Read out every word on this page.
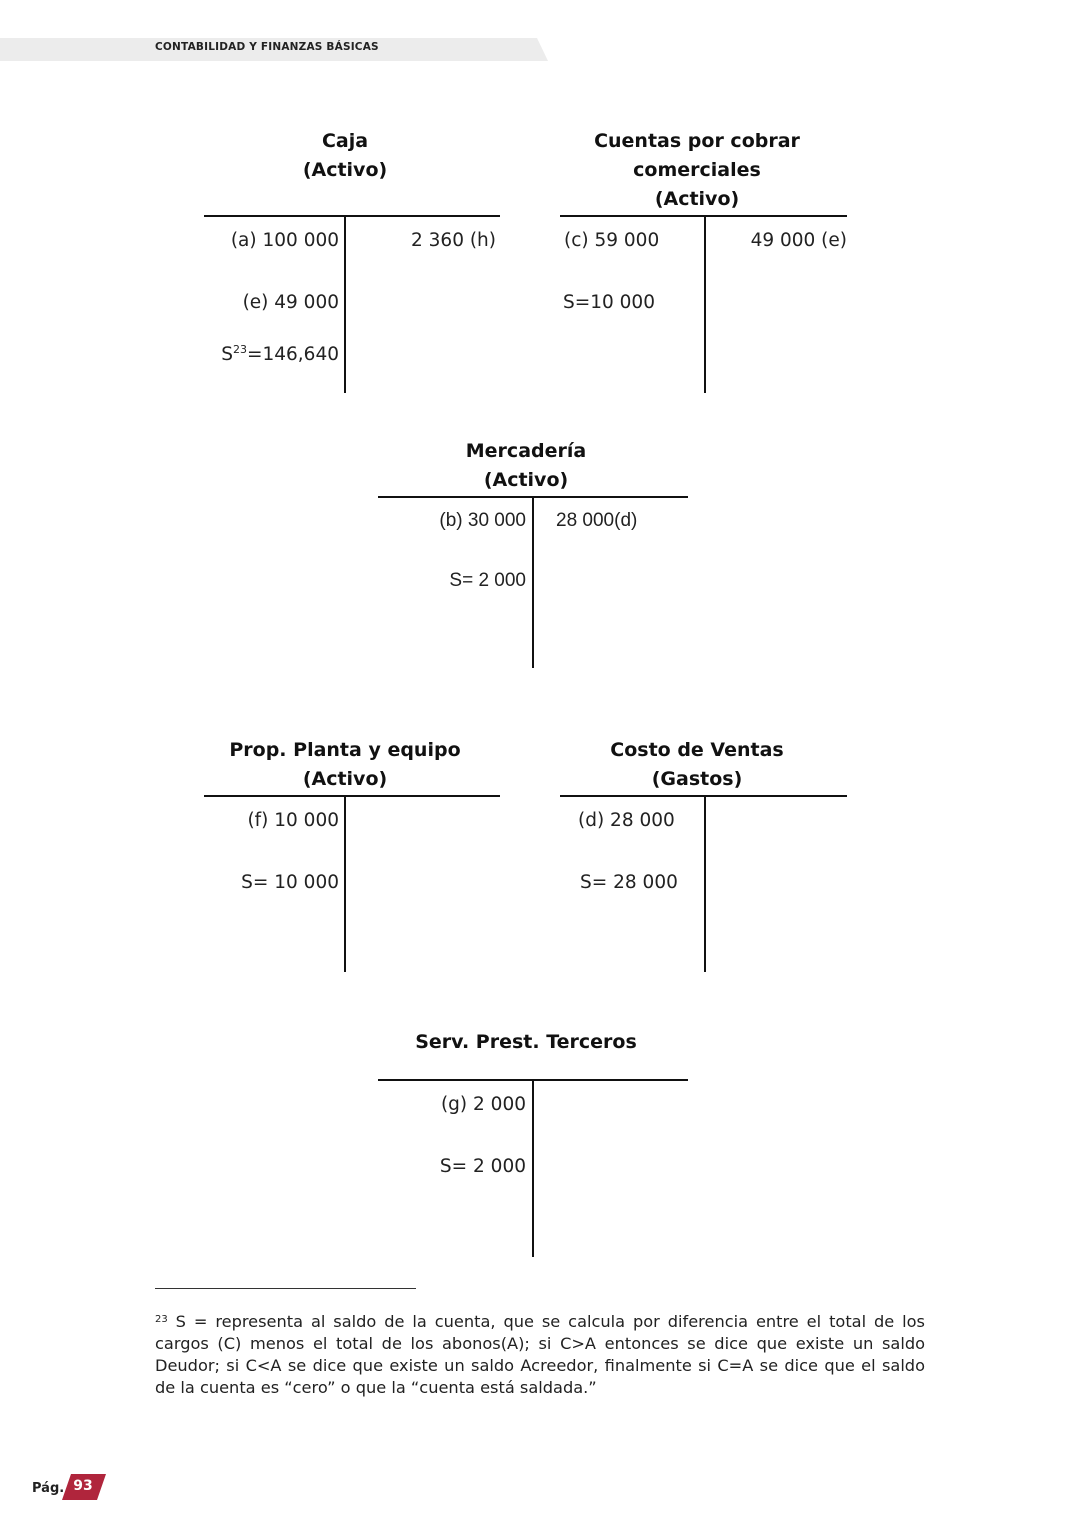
CONTABILIDAD Y FINANZAS BÁSICAS
Caja
(Activo)
(a) 100 000
(e) 49 000
$S^{23}=146,640$
2 360 (h)
Cuentas por cobrar
comerciales
(Activo)
(c) 59 000
S=10 000
49 000 (e)
Mercadería
(Activo)
(b) 30 000
S= 2 000
28 000(d)
Prop. Planta y equipo
(Activo)
(f) 10 000
S= 10 000
Costo de Ventas
(Gastos)
(d) 28 000
S= 28 000
Serv. Prest. Terceros
(g) 2 000
S= 2 000
$^{23}$ S = representa al saldo de la cuenta, que se calcula por diferencia entre el total de los cargos (C) menos el total de los abonos(A); si C>A entonces se dice que existe un saldo Deudor; si C<A se dice que existe un saldo Acreedor, finalmente si C=A se dice que el saldo de la cuenta es “cero” o que la “cuenta está saldada.”
Pág. 93
